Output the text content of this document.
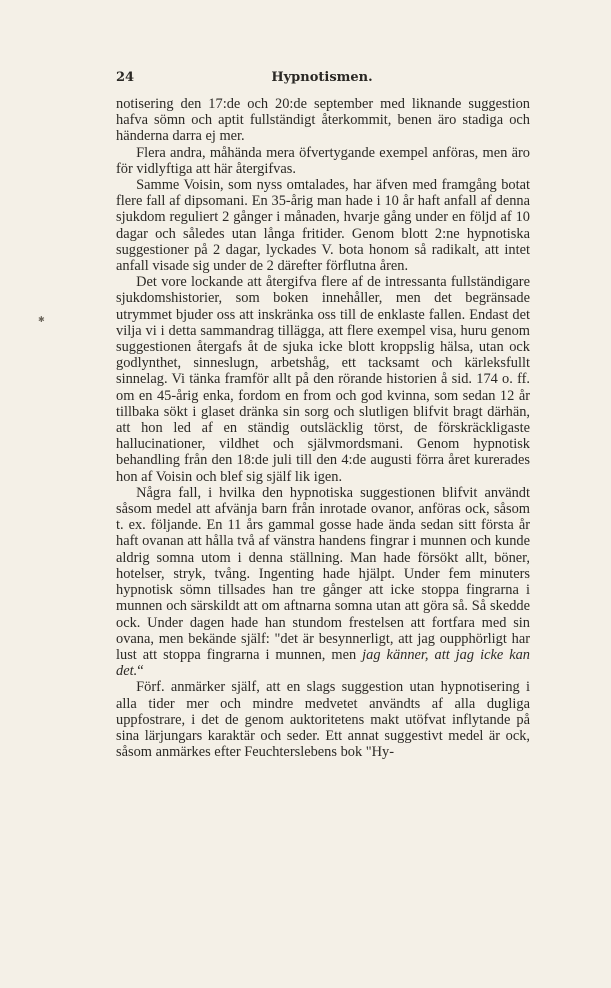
24	Hypnotismen.
✱

notisering den 17:de och 20:de september med liknande suggestion hafva sömn och aptit fullständigt återkommit, benen äro stadiga och händerna darra ej mer.

Flera andra, måhända mera öfvertygande exempel anföras, men äro för vidlyftiga att här återgifvas.

Samme Voisin, som nyss omtalades, har äfven med framgång botat flere fall af dipsomani. En 35-årig man hade i 10 år haft anfall af denna sjukdom reguliert 2 gånger i månaden, hvarje gång under en följd af 10 dagar och således utan långa fritider. Genom blott 2:ne hypnotiska suggestioner på 2 dagar, lyckades V. bota honom så radikalt, att intet anfall visade sig under de 2 därefter förflutna åren.

Det vore lockande att återgifva flere af de intressanta fullständigare sjukdomshistorier, som boken innehåller, men det begränsade utrymmet bjuder oss att inskränka oss till de enklaste fallen. Endast det vilja vi i detta sammandrag tillägga, att flere exempel visa, huru genom suggestionen återgafs åt de sjuka icke blott kroppslig hälsa, utan ock godlynthet, sinneslugn, arbetshåg, ett tacksamt och kärleksfullt sinnelag. Vi tänka framför allt på den rörande historien å sid. 174 o. ff. om en 45-årig enka, fordom en from och god kvinna, som sedan 12 år tillbaka sökt i glaset dränka sin sorg och slutligen blifvit bragt därhän, att hon led af en ständig outsläcklig törst, de förskräckligaste hallucinationer, vildhet och självmordsmani. Genom hypnotisk behandling från den 18:de juli till den 4:de augusti förra året kurerades hon af Voisin och blef sig själf lik igen.

Några fall, i hvilka den hypnotiska suggestionen blifvit användt såsom medel att afvänja barn från inrotade ovanor, anföras ock, såsom t. ex. följande. En 11 års gammal gosse hade ända sedan sitt första år haft ovanan att hålla två af vänstra handens fingrar i munnen och kunde aldrig somna utom i denna ställning. Man hade försökt allt, böner, hotelser, stryk, tvång. Ingenting hade hjälpt. Under fem minuters hypnotisk sömn tillsades han tre gånger att icke stoppa fingrarna i munnen och särskildt att om aftnarna somna utan att göra så. Så skedde ock. Under dagen hade han stundom frestelsen att fortfara med sin ovana, men bekände själf: "det är besynnerligt, att jag oupphörligt har lust att stoppa fingrarna i munnen, men jag känner, att jag icke kan det.“

Förf. anmärker själf, att en slags suggestion utan hypnotisering i alla tider mer och mindre medvetet användts af alla dugliga uppfostrare, i det de genom auktoritetens makt utöfvat inflytande på sina lärjungars karaktär och seder. Ett annat suggestivt medel är ock, såsom anmärkes efter Feuchterslebens bok "Hy-
